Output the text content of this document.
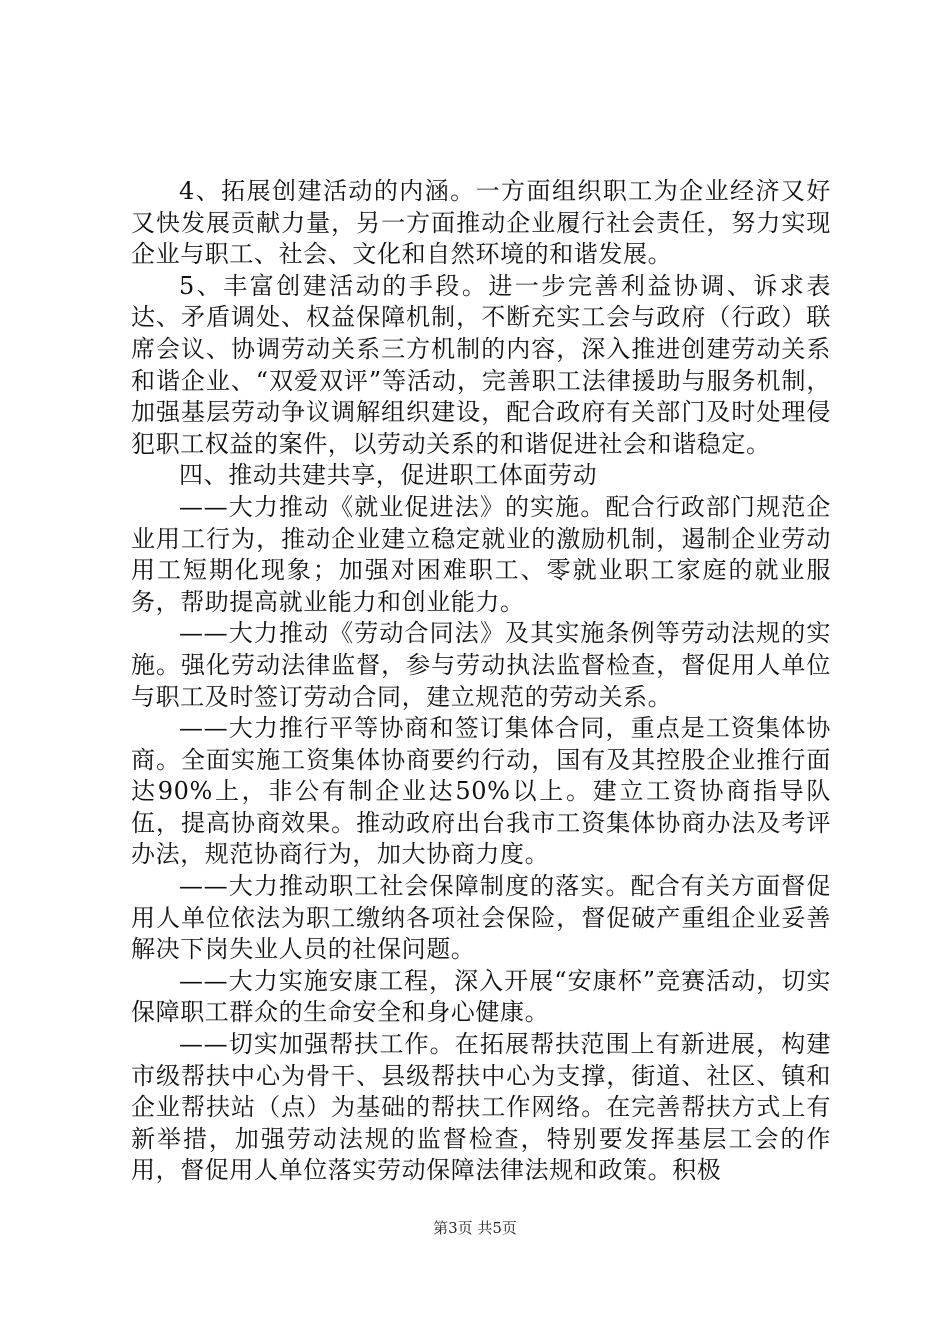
4、拓展创建活动的内涵。一方面组织职工为企业经济又好又快发展贡献力量，另一方面推动企业履行社会责任，努力实现企业与职工、社会、文化和自然环境的和谐发展。

5、丰富创建活动的手段。进一步完善利益协调、诉求表达、矛盾调处、权益保障机制，不断充实工会与政府（行政）联席会议、协调劳动关系三方机制的内容，深入推进创建劳动关系和谐企业、“双爱双评”等活动，完善职工法律援助与服务机制，加强基层劳动争议调解组织建设，配合政府有关部门及时处理侵犯职工权益的案件，以劳动关系的和谐促进社会和谐稳定。

四、推动共建共享，促进职工体面劳动

——大力推动《就业促进法》的实施。配合行政部门规范企业用工行为，推动企业建立稳定就业的激励机制，遏制企业劳动用工短期化现象；加强对困难职工、零就业职工家庭的就业服务，帮助提高就业能力和创业能力。

——大力推动《劳动合同法》及其实施条例等劳动法规的实施。强化劳动法律监督，参与劳动执法监督检查，督促用人单位与职工及时签订劳动合同，建立规范的劳动关系。

——大力推行平等协商和签订集体合同，重点是工资集体协商。全面实施工资集体协商要约行动，国有及其控股企业推行面达90%上，非公有制企业达50%以上。建立工资协商指导队伍，提高协商效果。推动政府出台我市工资集体协商办法及考评办法，规范协商行为，加大协商力度。

——大力推动职工社会保障制度的落实。配合有关方面督促用人单位依法为职工缴纳各项社会保险，督促破产重组企业妥善解决下岗失业人员的社保问题。

——大力实施安康工程，深入开展“安康杯”竞赛活动，切实保障职工群众的生命安全和身心健康。

——切实加强帮扶工作。在拓展帮扶范围上有新进展，构建市级帮扶中心为骨干、县级帮扶中心为支撑，街道、社区、镇和企业帮扶站（点）为基础的帮扶工作网络。在完善帮扶方式上有新举措，加强劳动法规的监督检查，特别要发挥基层工会的作用，督促用人单位落实劳动保障法律法规和政策。积极

第3页 共5页
